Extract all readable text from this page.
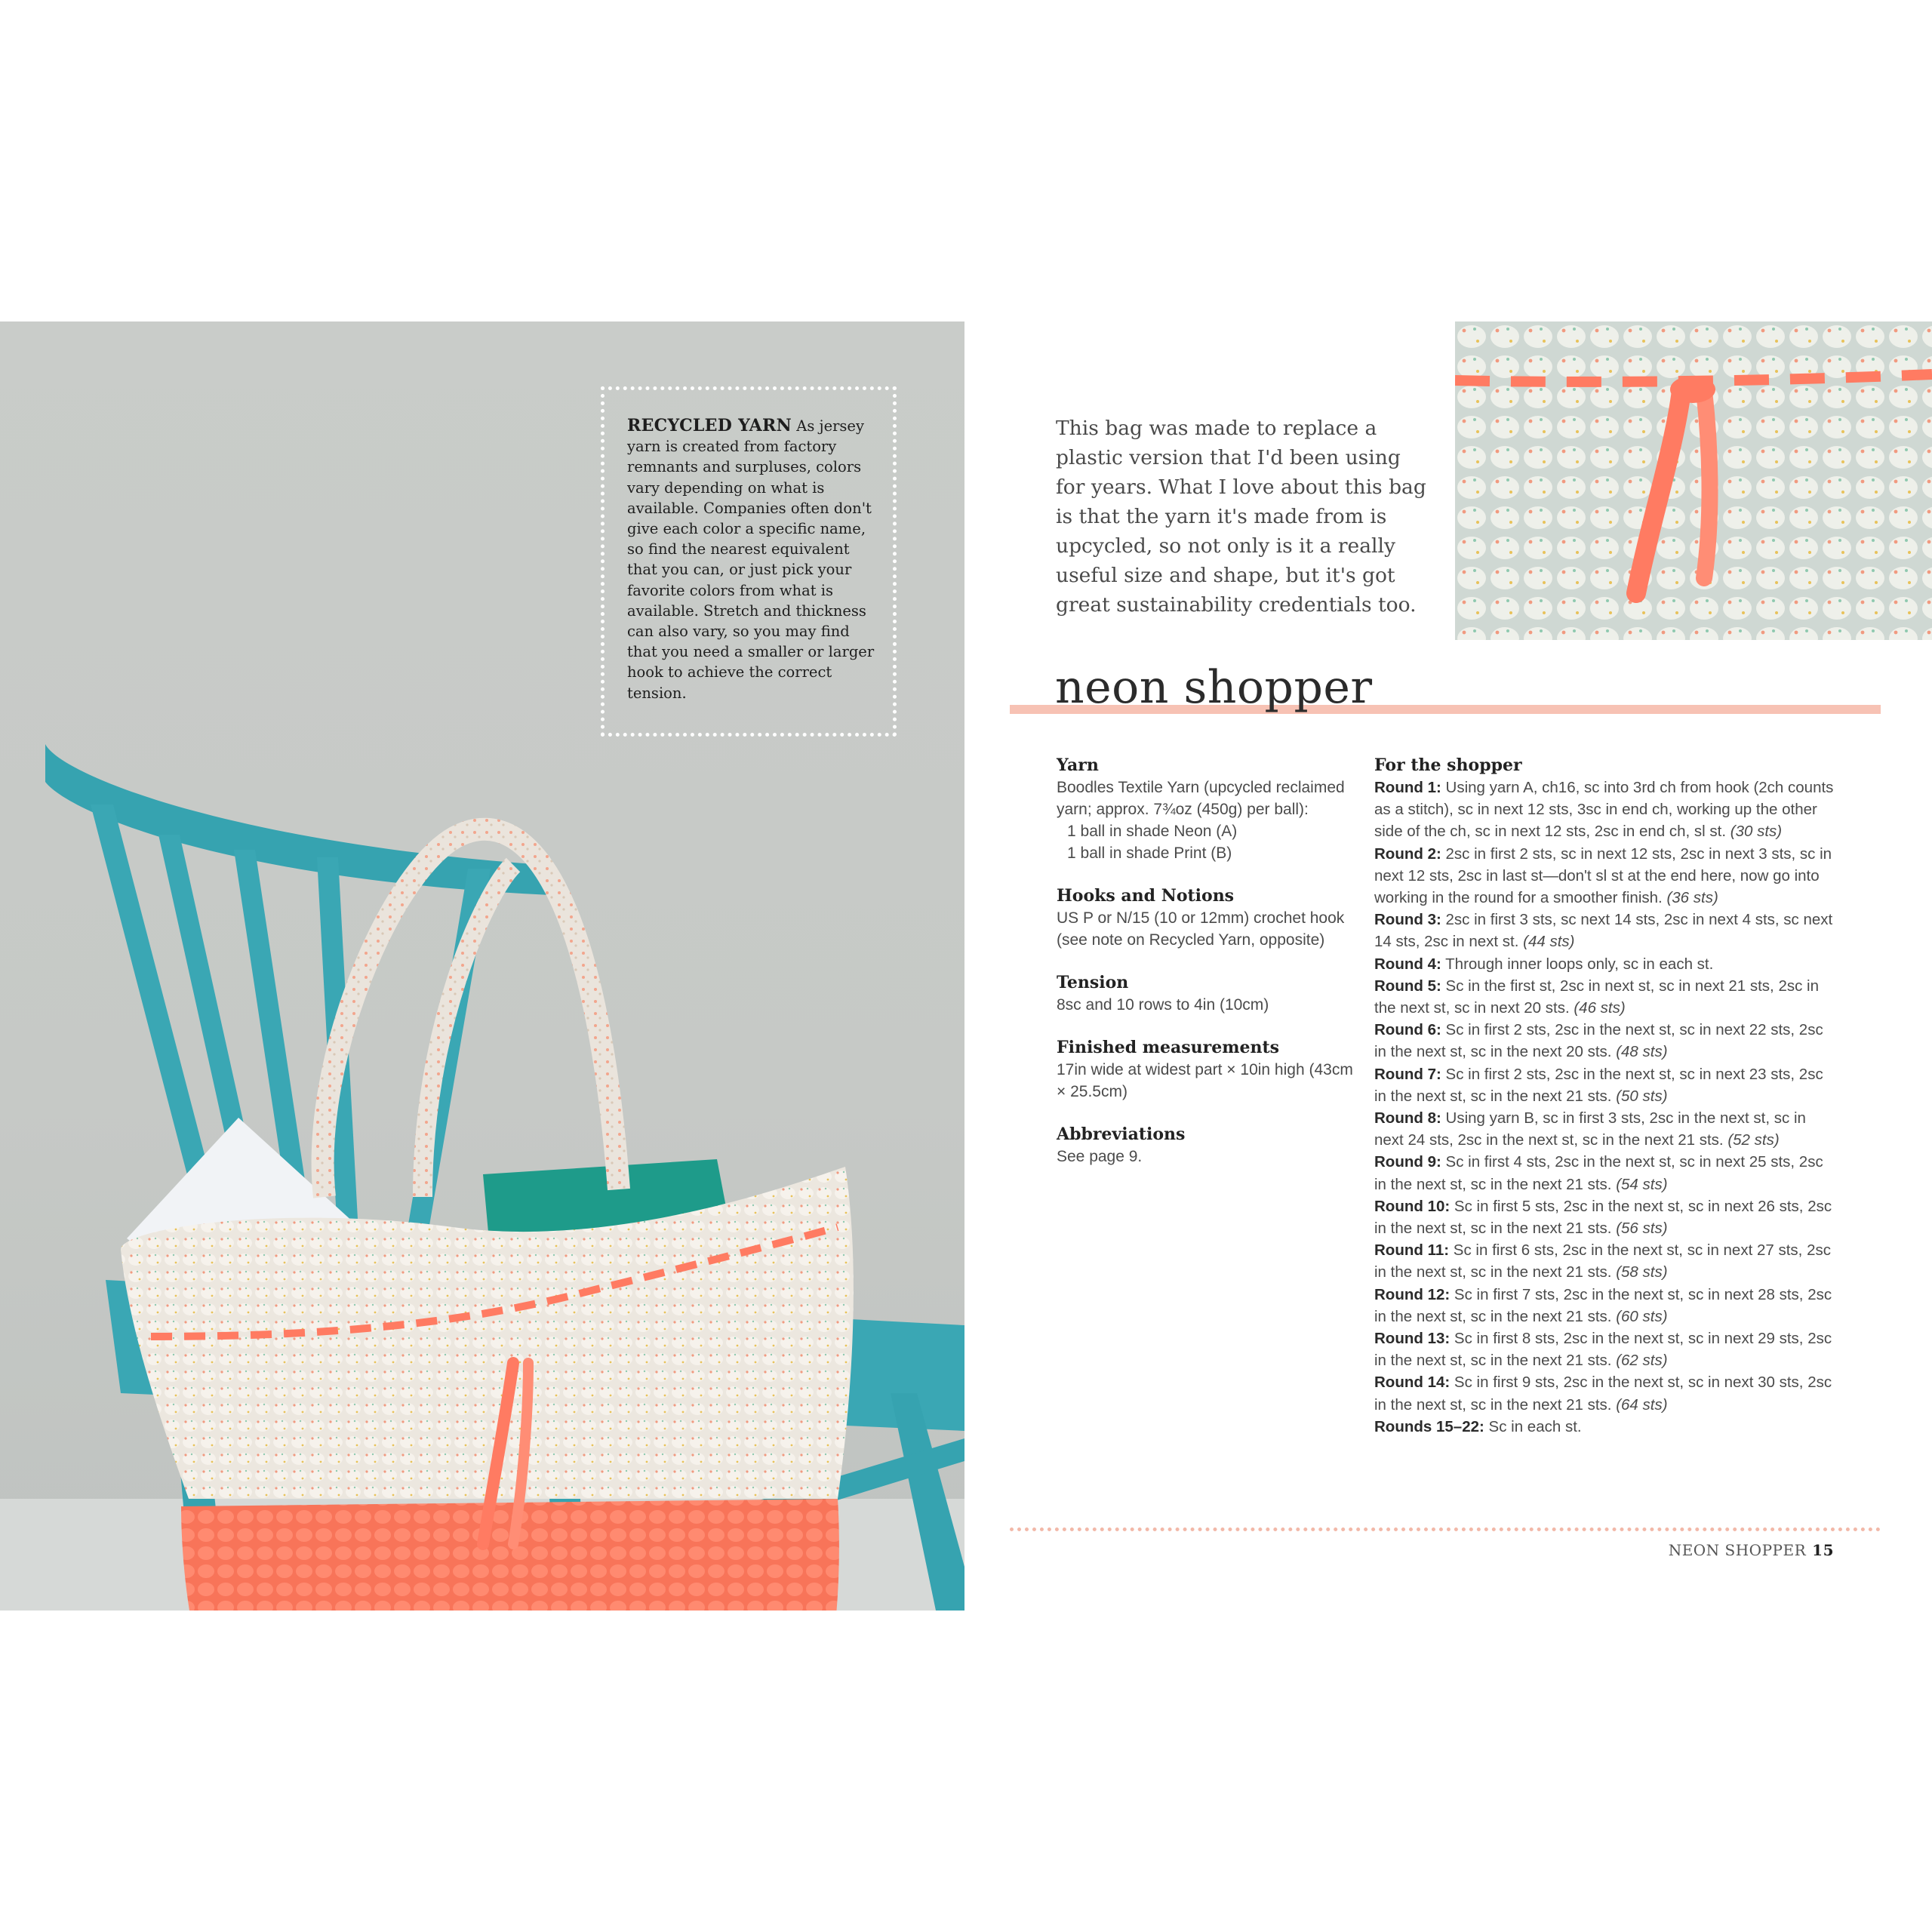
RECYCLED YARN As jersey yarn is created from factory remnants and surpluses, colors vary depending on what is available. Companies often don't give each color a specific name, so find the nearest equivalent that you can, or just pick your favorite colors from what is available. Stretch and thickness can also vary, so you may find that you need a smaller or larger hook to achieve the correct tension.

This bag was made to replace a plastic version that I'd been using for years. What I love about this bag is that the yarn it's made from is upcycled, so not only is it a really useful size and shape, but it's got great sustainability credentials too.

neon shopper

Yarn

Boodles Textile Yarn (upcycled reclaimed yarn; approx. 7¾oz (450g) per ball):
1 ball in shade Neon (A)
1 ball in shade Print (B)

Hooks and Notions

US P or N/15 (10 or 12mm) crochet hook (see note on Recycled Yarn, opposite)

Tension

8sc and 10 rows to 4in (10cm)

Finished measurements

17in wide at widest part × 10in high (43cm × 25.5cm)

Abbreviations

See page 9.

For the shopper

Round 1: Using yarn A, ch16, sc into 3rd ch from hook (2ch counts as a stitch), sc in next 12 sts, 3sc in end ch, working up the other side of the ch, sc in next 12 sts, 2sc in end ch, sl st. (30 sts)

Round 2: 2sc in first 2 sts, sc in next 12 sts, 2sc in next 3 sts, sc in next 12 sts, 2sc in last st—don't sl st at the end here, now go into working in the round for a smoother finish. (36 sts)

Round 3: 2sc in first 3 sts, sc next 14 sts, 2sc in next 4 sts, sc next 14 sts, 2sc in next st. (44 sts)

Round 4: Through inner loops only, sc in each st.

Round 5: Sc in the first st, 2sc in next st, sc in next 21 sts, 2sc in the next st, sc in next 20 sts. (46 sts)

Round 6: Sc in first 2 sts, 2sc in the next st, sc in next 22 sts, 2sc in the next st, sc in the next 20 sts. (48 sts)

Round 7: Sc in first 2 sts, 2sc in the next st, sc in next 23 sts, 2sc in the next st, sc in the next 21 sts. (50 sts)

Round 8: Using yarn B, sc in first 3 sts, 2sc in the next st, sc in next 24 sts, 2sc in the next st, sc in the next 21 sts. (52 sts)

Round 9: Sc in first 4 sts, 2sc in the next st, sc in next 25 sts, 2sc in the next st, sc in the next 21 sts. (54 sts)

Round 10: Sc in first 5 sts, 2sc in the next st, sc in next 26 sts, 2sc in the next st, sc in the next 21 sts. (56 sts)

Round 11: Sc in first 6 sts, 2sc in the next st, sc in next 27 sts, 2sc in the next st, sc in the next 21 sts. (58 sts)

Round 12: Sc in first 7 sts, 2sc in the next st, sc in next 28 sts, 2sc in the next st, sc in the next 21 sts. (60 sts)

Round 13: Sc in first 8 sts, 2sc in the next st, sc in next 29 sts, 2sc in the next st, sc in the next 21 sts. (62 sts)

Round 14: Sc in first 9 sts, 2sc in the next st, sc in next 30 sts, 2sc in the next st, sc in the next 21 sts. (64 sts)

Rounds 15–22: Sc in each st.

NEON SHOPPER 15
